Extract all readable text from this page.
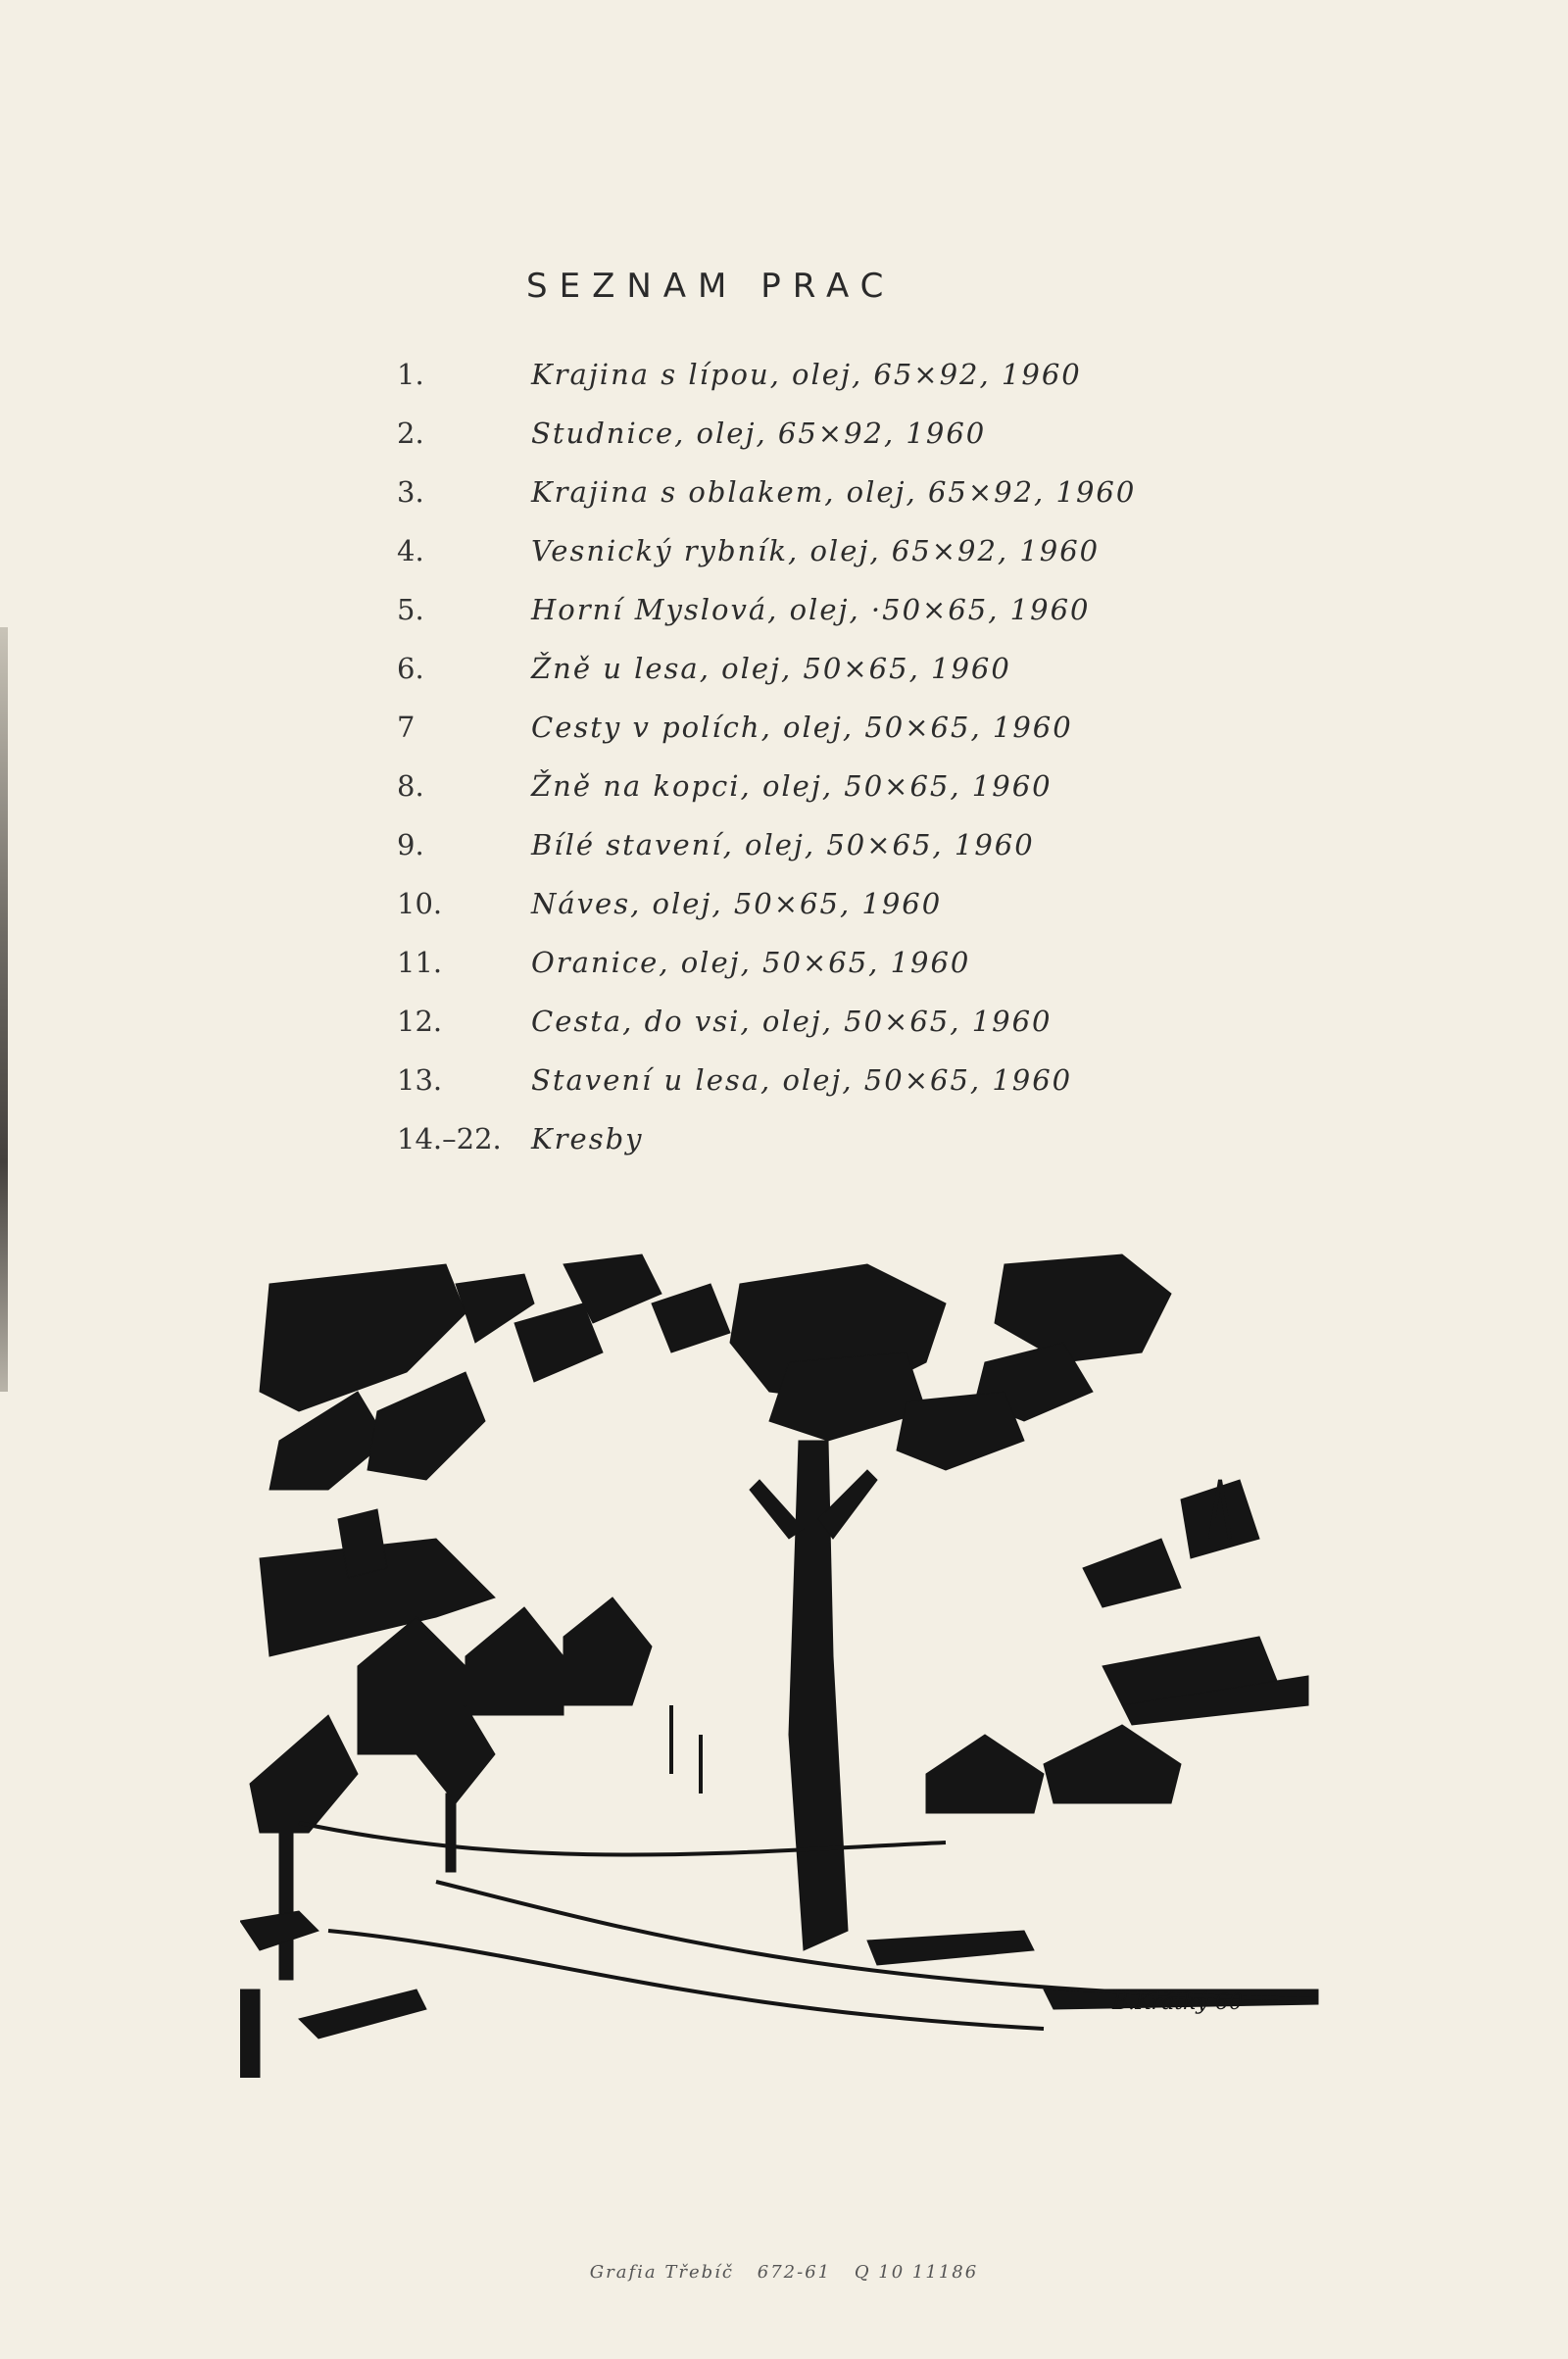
SEZNAM PRAC
1.	Krajina s lípou, olej, 65×92, 1960
2.	Studnice, olej, 65×92, 1960
3.	Krajina s oblakem, olej, 65×92, 1960
4.	Vesnický rybník, olej, 65×92, 1960
5.	Horní Myslová, olej, ·50×65, 1960
6.	Žně u lesa, olej, 50×65, 1960
7	Cesty v polích, olej, 50×65, 1960
8.	Žně na kopci, olej, 50×65, 1960
9.	Bílé stavení, olej, 50×65, 1960
10.	Náves, olej, 50×65, 1960
11.	Oranice, olej, 50×65, 1960
12.	Cesta, do vsi, olej, 50×65, 1960
13.	Stavení u lesa, olej, 50×65, 1960
14.–22. Kresby
B.Krátký 60
Grafia Třebíč 672-61 Q 10 11186
